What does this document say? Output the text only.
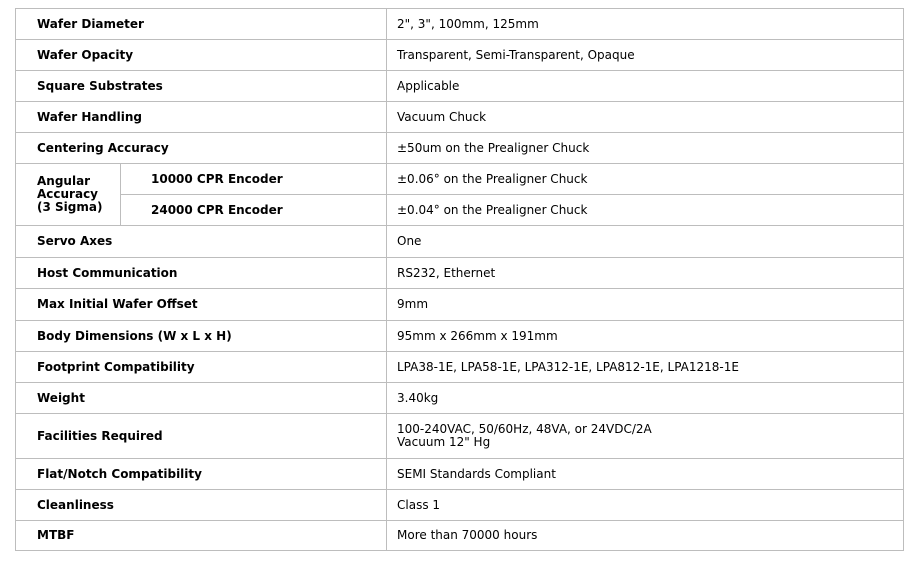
Wafer Diameter		2", 3", 100mm, 125mm
Wafer Opacity		Transparent, Semi-Transparent, Opaque
Square Substrates		Applicable
Wafer Handling		Vacuum Chuck
Centering Accuracy		±50um on the Prealigner Chuck

Angular
Accuracy
(3 Sigma)	10000 CPR Encoder	±0.06° on the Prealigner Chuck
	24000 CPR Encoder	±0.04° on the Prealigner Chuck
Servo Axes		One
Host Communication		RS232, Ethernet
Max Initial Wafer Offset		9mm
Body Dimensions (W x L x H)		95mm x 266mm x 191mm
Footprint Compatibility		LPA38-1E, LPA58-1E, LPA312-1E, LPA812-1E, LPA1218-1E
Weight		3.40kg
Facilities Required		100-240VAC, 50/60Hz, 48VA, or 24VDC/2A
Vacuum 12" Hg

Flat/Notch Compatibility		SEMI Standards Compliant
Cleanliness		Class 1
MTBF		More than 70000 hours
